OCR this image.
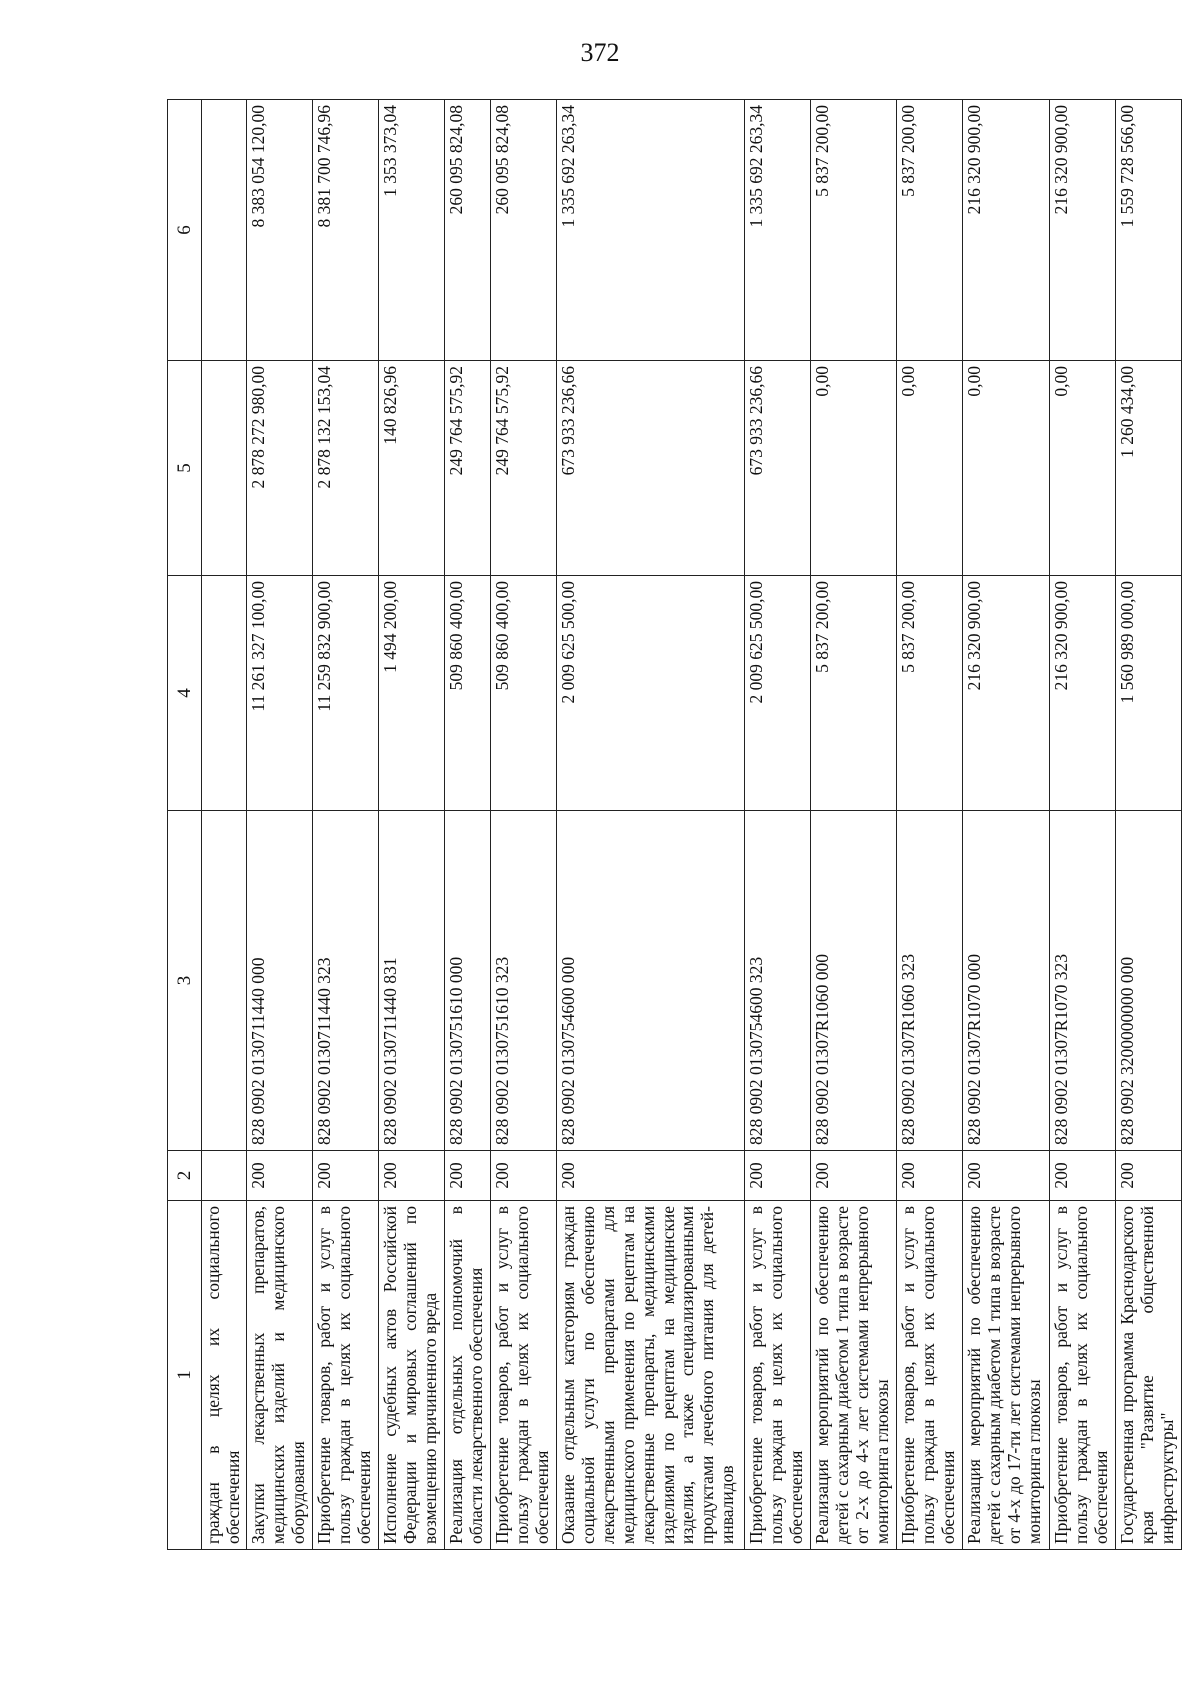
372
1	2	3	4	5	6
граждан в целях их социального обеспечения					
Закупки лекарственных препаратов, медицинских изделий и медицинского оборудования	200	828 0902 0130711440 000	11 261 327 100,00	2 878 272 980,00	8 383 054 120,00
Приобретение товаров, работ и услуг в пользу граждан в целях их социального обеспечения	200	828 0902 0130711440 323	11 259 832 900,00	2 878 132 153,04	8 381 700 746,96
Исполнение судебных актов Российской Федерации и мировых соглашений по возмещению причиненного вреда	200	828 0902 0130711440 831	1 494 200,00	140 826,96	1 353 373,04
Реализация отдельных полномочий в области лекарственного обеспечения	200	828 0902 0130751610 000	509 860 400,00	249 764 575,92	260 095 824,08
Приобретение товаров, работ и услуг в пользу граждан в целях их социального обеспечения	200	828 0902 0130751610 323	509 860 400,00	249 764 575,92	260 095 824,08
Оказание отдельным категориям граждан социальной услуги по обеспечению лекарственными препаратами для медицинского применения по рецептам на лекарственные препараты, медицинскими изделиями по рецептам на медицинские изделия, а также специализированными продуктами лечебного питания для детей-инвалидов	200	828 0902 0130754600 000	2 009 625 500,00	673 933 236,66	1 335 692 263,34
Приобретение товаров, работ и услуг в пользу граждан в целях их социального обеспечения	200	828 0902 0130754600 323	2 009 625 500,00	673 933 236,66	1 335 692 263,34
Реализация мероприятий по обеспечению детей с сахарным диабетом 1 типа в возрасте от 2-х до 4-х лет системами непрерывного мониторинга глюкозы	200	828 0902 01307R1060 000	5 837 200,00	0,00	5 837 200,00
Приобретение товаров, работ и услуг в пользу граждан в целях их социального обеспечения	200	828 0902 01307R1060 323	5 837 200,00	0,00	5 837 200,00
Реализация мероприятий по обеспечению детей с сахарным диабетом 1 типа в возрасте от 4-х до 17-ти лет системами непрерывного мониторинга глюкозы	200	828 0902 01307R1070 000	216 320 900,00	0,00	216 320 900,00
Приобретение товаров, работ и услуг в пользу граждан в целях их социального обеспечения	200	828 0902 01307R1070 323	216 320 900,00	0,00	216 320 900,00
Государственная программа Краснодарского края "Развитие общественной инфраструктуры"	200	828 0902 3200000000 000	1 560 989 000,00	1 260 434,00	1 559 728 566,00
